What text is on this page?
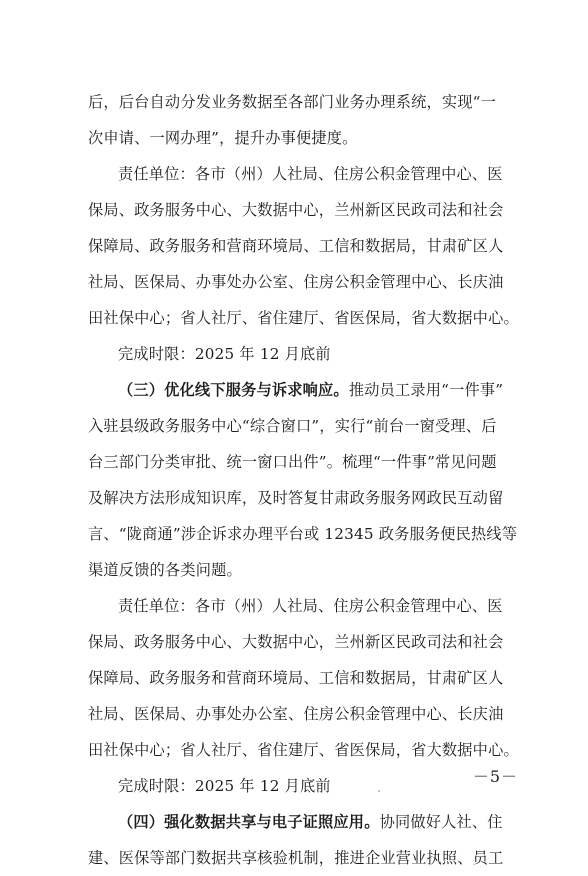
后，后台自动分发业务数据至各部门业务办理系统，实现“一
次申请、一网办理”，提升办事便捷度。
责任单位：各市（州）人社局、住房公积金管理中心、医
保局、政务服务中心、大数据中心，兰州新区民政司法和社会
保障局、政务服务和营商环境局、工信和数据局，甘肃矿区人
社局、医保局、办事处办公室、住房公积金管理中心、长庆油
田社保中心；省人社厅、省住建厅、省医保局，省大数据中心。
完成时限：2025 年 12 月底前
（三）优化线下服务与诉求响应。推动员工录用“一件事”
入驻县级政务服务中心“综合窗口”，实行“前台一窗受理、后
台三部门分类审批、统一窗口出件”。梳理“一件事”常见问题
及解决方法形成知识库，及时答复甘肃政务服务网政民互动留
言、“陇商通”涉企诉求办理平台或 12345 政务服务便民热线等
渠道反馈的各类问题。
责任单位：各市（州）人社局、住房公积金管理中心、医
保局、政务服务中心、大数据中心，兰州新区民政司法和社会
保障局、政务服务和营商环境局、工信和数据局，甘肃矿区人
社局、医保局、办事处办公室、住房公积金管理中心、长庆油
田社保中心；省人社厅、省住建厅、省医保局，省大数据中心。
完成时限：2025 年 12 月底前
（四）强化数据共享与电子证照应用。协同做好人社、住
建、医保等部门数据共享核验机制，推进企业营业执照、员工
－5－
